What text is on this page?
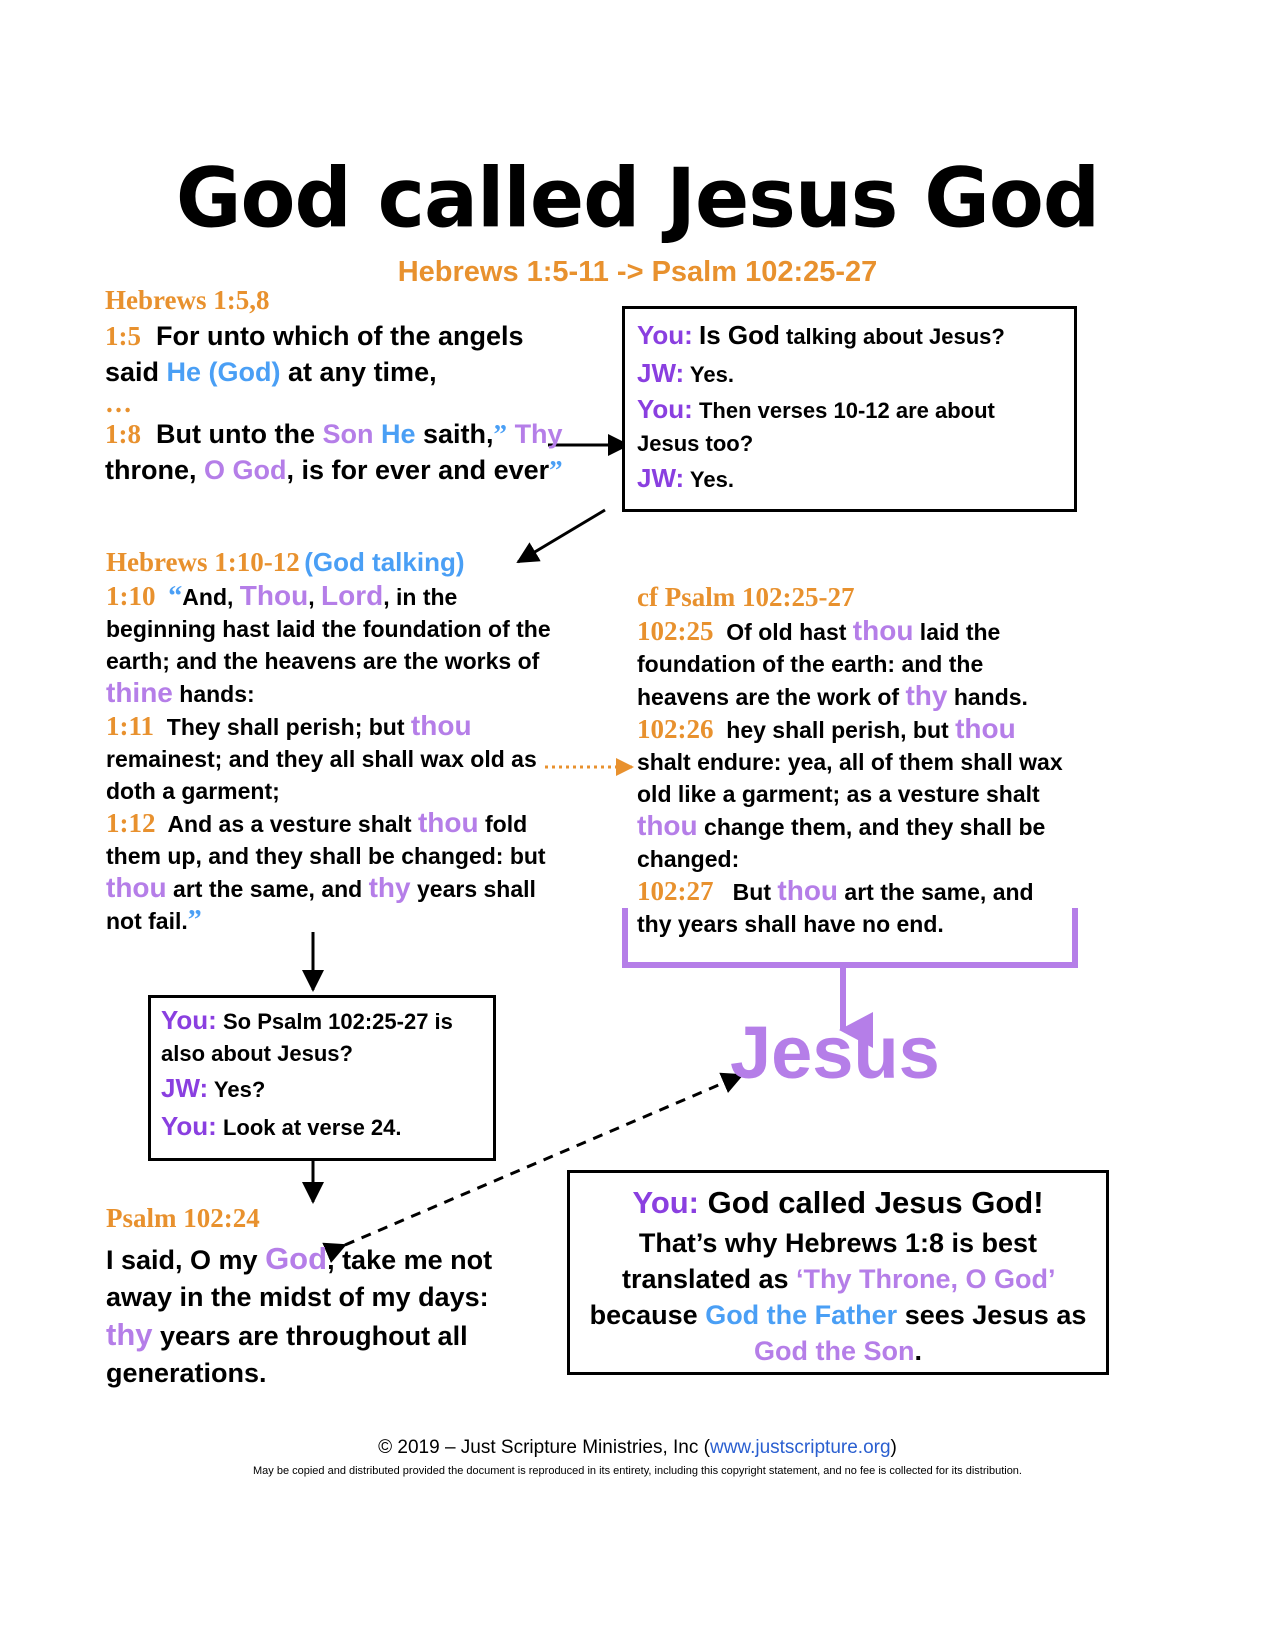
God called Jesus God
Hebrews 1:5-11 -> Psalm 102:25-27
Hebrews 1:5,8
1:5 For unto which of the angels said He (God) at any time,
…
1:8 But unto the Son He saith,” Thy throne, O God, is for ever and ever”
You: Is God talking about Jesus?
JW: Yes.
You: Then verses 10-12 are about Jesus too?
JW: Yes.
Hebrews 1:10-12 (God talking)
1:10 “And, Thou, Lord, in the beginning hast laid the foundation of the earth; and the heavens are the works of thine hands:
1:11 They shall perish; but thou remainest; and they all shall wax old as doth a garment;
1:12 And as a vesture shalt thou fold them up, and they shall be changed: but thou art the same, and thy years shall not fail.”
cf Psalm 102:25-27
102:25 Of old hast thou laid the foundation of the earth: and the heavens are the work of thy hands.
102:26 hey shall perish, but thou shalt endure: yea, all of them shall wax old like a garment; as a vesture shalt thou change them, and they shall be changed:
102:27 But thou art the same, and thy years shall have no end.
Jesus
You: So Psalm 102:25-27 is also about Jesus?
JW: Yes?
You: Look at verse 24.
Psalm 102:24
I said, O my God, take me not away in the midst of my days: thy years are throughout all generations.
You: God called Jesus God!
That’s why Hebrews 1:8 is best translated as ‘Thy Throne, O God’ because God the Father sees Jesus as God the Son.
© 2019 – Just Scripture Ministries, Inc (www.justscripture.org)
May be copied and distributed provided the document is reproduced in its entirety, including this copyright statement, and no fee is collected for its distribution.
